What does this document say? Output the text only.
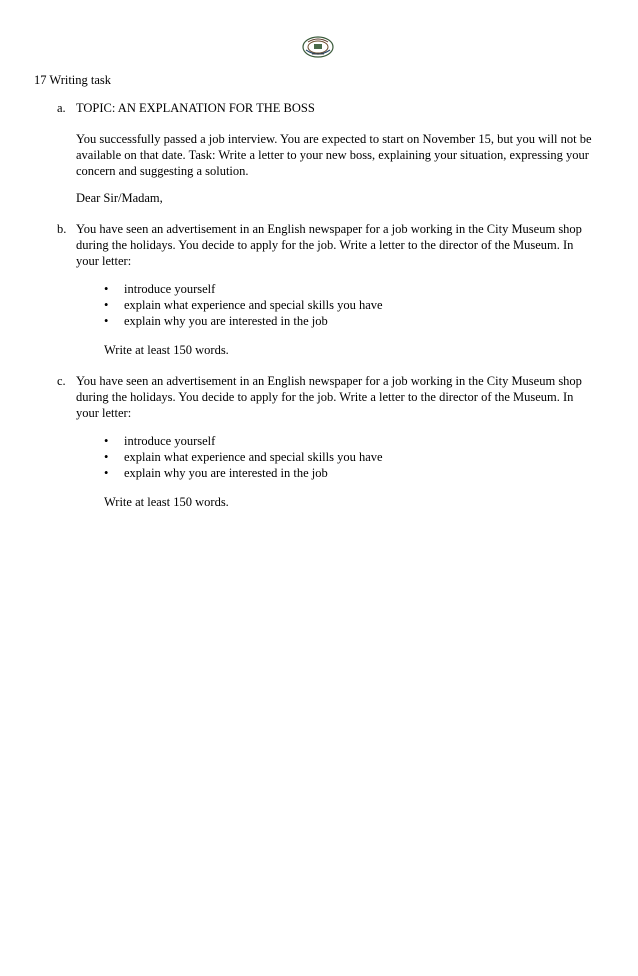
17 Writing task
a. TOPIC: AN EXPLANATION FOR THE BOSS
You successfully passed a job interview. You are expected to start on November 15, but you will not be
available on that date. Task: Write a letter to your new boss, explaining your situation, expressing your
concern and suggesting a solution.
Dear Sir/Madam,
b. You have seen an advertisement in an English newspaper for a job working in the City Museum shop
during the holidays. You decide to apply for the job. Write a letter to the director of the Museum. In
your letter:
• introduce yourself
• explain what experience and special skills you have
• explain why you are interested in the job
Write at least 150 words.
c. You have seen an advertisement in an English newspaper for a job working in the City Museum shop
during the holidays. You decide to apply for the job. Write a letter to the director of the Museum. In
your letter:
• introduce yourself
• explain what experience and special skills you have
• explain why you are interested in the job
Write at least 150 words.
